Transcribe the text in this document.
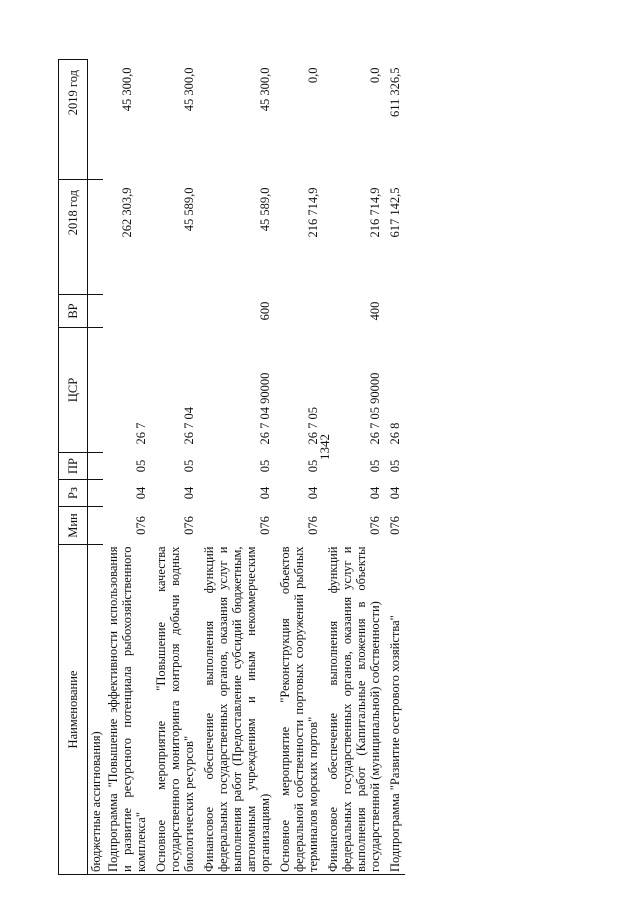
1342
Наименование	Мин	Рз	ПР	ЦСР	ВР	2018 год	2019 год
бюджетные ассигнования)							
Подпрограмма "Повышение эффективности использования и развитие ресурсного потенциала рыбохозяйственного комплекса"	076	04	05	26 7		262 303,9	45 300,0
Основное мероприятие "Повышение качества государственного мониторинга контроля добычи водных биологических ресурсов"	076	04	05	26 7 04		45 589,0	45 300,0
Финансовое обеспечение выполнения функций федеральных государственных органов, оказания услуг и выполнения работ (Предоставление субсидий бюджетным, автономным учреждениям и иным некоммерческим организациям)	076	04	05	26 7 04 90000	600	45 589,0	45 300,0
Основное мероприятие "Реконструкция объектов федеральной собственности портовых сооружений рыбных терминалов морских портов"	076	04	05	26 7 05		216 714,9	0,0
Финансовое обеспечение выполнения функций федеральных государственных органов, оказания услуг и выполнения работ (Капитальные вложения в объекты государственной (муниципальной) собственности)	076	04	05	26 7 05 90000	400	216 714,9	0,0
Подпрограмма "Развитие осетрового хозяйства"	076	04	05	26 8		617 142,5	611 326,5
